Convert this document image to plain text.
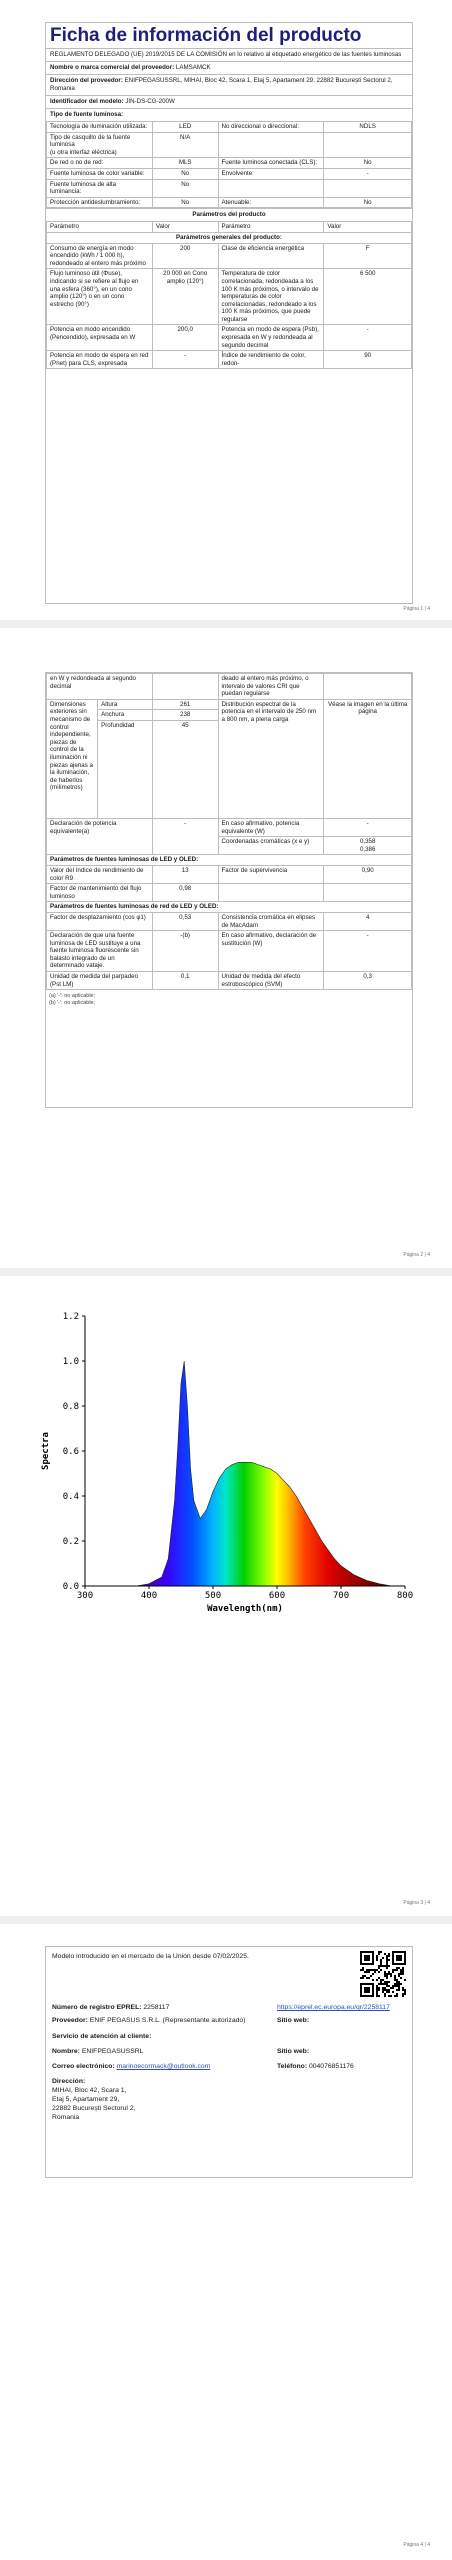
Ficha de información del producto
REGLAMENTO DELEGADO (UE) 2019/2015 DE LA COMISIÓN en lo relativo al etiquetado energético de las fuentes luminosas
Nombre o marca comercial del proveedor: LAMSAMCK
Dirección del proveedor: ENIFPEGASUSSRL, MIHAI, Bloc 42, Scara 1, Etaj 5, Apartament 29, 22882 București Sectorul 2, Romania
Identificador del modelo: JIN-DS-CG-200W
Tipo de fuente luminosa:
Tecnología de iluminación utilizada:	LED	No direccional o direccional:	NDLS
Tipo de casquillo de la fuente luminosa
(u otra interfaz eléctrica)	N/A		
De red o no de red:	MLS	Fuente luminosa conectada (CLS):	No
Fuente luminosa de color variable:	No	Envolvente:	-
Fuente luminosa de alta luminancia:	No		
Protección antideslumbramiento:	No	Atenuable:	No
Parámetros del producto
Parámetro	Valor	Parámetro	Valor
Parámetros generales del producto:			
Consumo de energía en modo encendido (kWh / 1 000 h), redondeado al entero más próximo	200	Clase de eficiencia energética	F
Flujo luminoso útil (Φuse), indicando si se refiere al flujo en una esfera (360°), en un cono amplio (120°) o en un cono estrecho (90°)	20 000 en Cono amplio (120°)	Temperatura de color correlacionada, redondeada a los 100 K más próximos, o intervalo de temperaturas de color correlacionadas, redondeado a los 100 K más próximos, que puede regularse	6 500
Potencia en modo encendido (Pencendido), expresada en W	200,0	Potencia en modo de espera (Psb), expresada en W y redondeada al segundo decimal	-
Potencia en modo de espera en red (Pnet) para CLS, expresada	-	Índice de rendimiento de color, redon-	90
Página 1 | 4
en W y redondeada al segundo decimal			deado al entero más próximo, o intervalo de valores CRI que puedan regularse	
Dimensiones exteriores sin mecanismo de control independiente, piezas de control de la iluminación ni piezas ajenas a la iluminación, de haberlos (milímetros)	Altura	261	Distribución espectral de la potencia en el intervalo de 250 nm a 800 nm, a plena carga	Véase la imagen en la última página
	Anchura	238		
	Profundidad	45		
Declaración de potencia equivalente(a)		-	En caso afirmativo, potencia equivalente (W)	-
			Coordenadas cromáticas (x e y)	0,358
0,386
Parámetros de fuentes luminosas de LED y OLED:				
Valor del índice de rendimiento de color R9		13	Factor de supervivencia	0,90
Factor de mantenimiento del flujo luminoso		0,98		
Parámetros de fuentes luminosas de red de LED y OLED:				
Factor de desplazamiento (cos φ1)		0,53	Consistencia cromática en elipses de MacAdam	4
Declaración de que una fuente luminosa de LED sustituye a una fuente luminosa fluorescente sin balasto integrado de un determinado vataje.		-(b)	En caso afirmativo, declaración de sustitución (W)	-
Unidad de medida del parpadeo (Pst LM)		0,1	Unidad de medida del efecto estroboscópico (SVM)	0,3
(a) '-': no aplicable;
(b) '-': no aplicable;
Página 2 | 4
300	400	500	600	700	800
0.0
0.2
0.4
0.6
0.8
1.0
1.2
Wavelength(nm)
Spectra
Página 3 | 4
Modelo introducido en el mercado de la Unión desde 07/02/2025.
Número de registro EPREL: 2258117	https://eprel.ec.europa.eu/qr/2258117
Proveedor: ENIF PEGASUS S.R.L. (Representante autorizado)	Sitio web:
Servicio de atención al cliente:
Nombre: ENIFPEGASUSSRL	Sitio web:
Correo electrónico: marinoecormack@outlook.com	Teléfono: 004076851176
Dirección:
MIHAI, Bloc 42, Scara 1,
Etaj 5, Apartament 29,
22882 București Sectorul 2,
Romania
Página 4 | 4
